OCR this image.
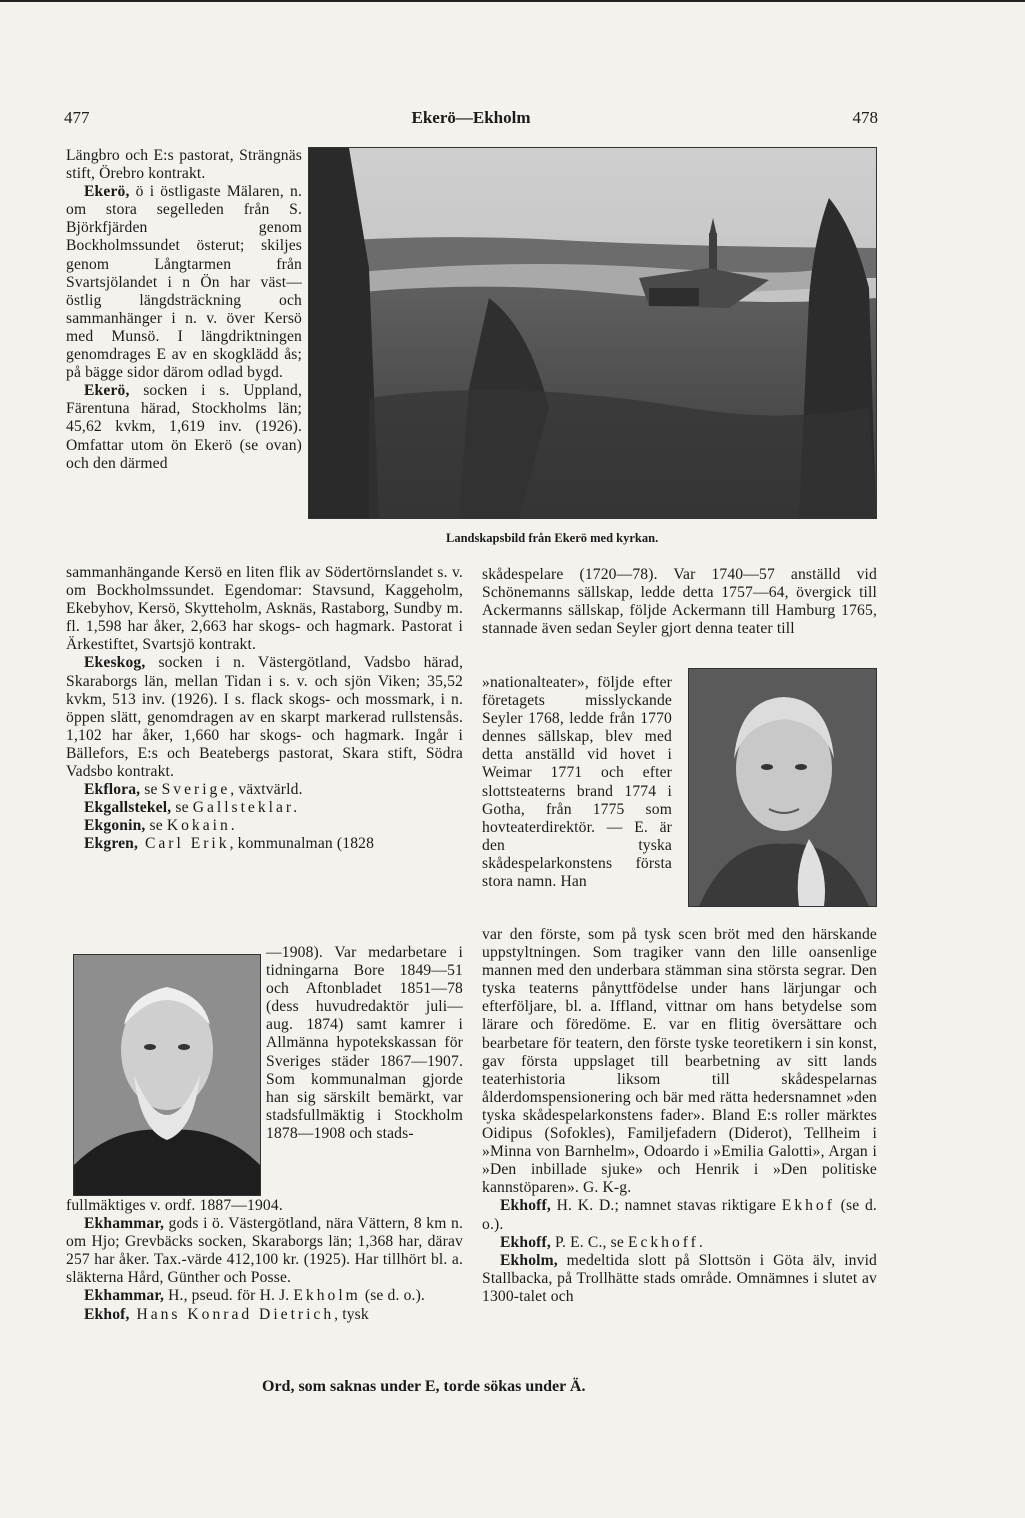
477	Ekerö—Ekholm	478

Längbro och E:s pastorat, Strängnäs stift, Örebro kontrakt.

Ekerö, ö i östligaste Mälaren, n. om stora segelleden från S. Björkfjärden genom Bockholmssundet österut; skiljes genom Långtarmen från Svartsjölandet i n Ön har väst—östlig längdsträckning och sammanhänger i n. v. över Kersö med Munsö. I längdriktningen genomdrages E av en skogklädd ås; på bägge sidor därom odlad bygd.

Ekerö, socken i s. Uppland, Färentuna härad, Stockholms län; 45,62 kvkm, 1,619 inv. (1926). Omfattar utom ön Ekerö (se ovan) och den därmed

Landskapsbild från Ekerö med kyrkan.

sammanhängande Kersö en liten flik av Södertörnslandet s. v. om Bockholmssundet. Egendomar: Stavsund, Kaggeholm, Ekebyhov, Kersö, Skytteholm, Asknäs, Rastaborg, Sundby m. fl. 1,598 har åker, 2,663 har skogs- och hagmark. Pastorat i Ärkestiftet, Svartsjö kontrakt.

Ekeskog, socken i n. Västergötland, Vadsbo härad, Skaraborgs län, mellan Tidan i s. v. och sjön Viken; 35,52 kvkm, 513 inv. (1926). I s. flack skogs- och mossmark, i n. öppen slätt, genomdragen av en skarpt markerad rullstensås. 1,102 har åker, 1,660 har skogs- och hagmark. Ingår i Bällefors, E:s och Beatebergs pastorat, Skara stift, Södra Vadsbo kontrakt.

Ekflora, se Sverige, växtvärld.

Ekgallstekel, se Gallsteklar.

Ekgonin, se Kokain.

Ekgren, Carl Erik, kommunalman (1828

—1908). Var medarbetare i tidningarna Bore 1849—51 och Aftonbladet 1851—78 (dess huvudredaktör juli—aug. 1874) samt kamrer i Allmänna hypotekskassan för Sveriges städer 1867—1907. Som kommunalman gjorde han sig särskilt bemärkt, var stadsfullmäktig i Stockholm 1878—1908 och stads-

fullmäktiges v. ordf. 1887—1904.

Ekhammar, gods i ö. Västergötland, nära Vättern, 8 km n. om Hjo; Grevbäcks socken, Skaraborgs län; 1,368 har, därav 257 har åker. Tax.-värde 412,100 kr. (1925). Har tillhört bl. a. släkterna Hård, Günther och Posse.

Ekhammar, H., pseud. för H. J. Ekholm (se d. o.).

Ekhof, Hans Konrad Dietrich, tysk

skådespelare (1720—78). Var 1740—57 anställd vid Schönemanns sällskap, ledde detta 1757—64, övergick till Ackermanns sällskap, följde Ackermann till Hamburg 1765, stannade även sedan Seyler gjort denna teater till
»nationalteater», följde efter företagets misslyckande Seyler 1768, ledde från 1770 dennes sällskap, blev med detta anställd vid hovet i Weimar 1771 och efter slottsteaterns brand 1774 i Gotha, från 1775 som hovteaterdirektör. — E. är den tyska skådespelarkonstens första stora namn. Han

var den förste, som på tysk scen bröt med den härskande uppstyltningen. Som tragiker vann den lille oansenlige mannen med den underbara stämman sina största segrar. Den tyska teaterns pånyttfödelse under hans lärjungar och efterföljare, bl. a. Iffland, vittnar om hans betydelse som lärare och föredöme. E. var en flitig översättare och bearbetare för teatern, den förste tyske teoretikern i sin konst, gav första uppslaget till bearbetning av sitt lands teaterhistoria liksom till skådespelarnas ålderdomspensionering och bär med rätta hedersnamnet »den tyska skådespelarkonstens fader». Bland E:s roller märktes Oidipus (Sofokles), Familjefadern (Diderot), Tellheim i »Minna von Barnhelm», Odoardo i »Emilia Galotti», Argan i »Den inbillade sjuke» och Henrik i »Den politiske kannstöparen». G. K-g.

Ekhoff, H. K. D.; namnet stavas riktigare Ekhof (se d. o.).

Ekhoff, P. E. C., se Eckhoff.

Ekholm, medeltida slott på Slottsön i Göta älv, invid Stallbacka, på Trollhätte stads område. Omnämnes i slutet av 1300-talet och

Ord, som saknas under E, torde sökas under Ä.
